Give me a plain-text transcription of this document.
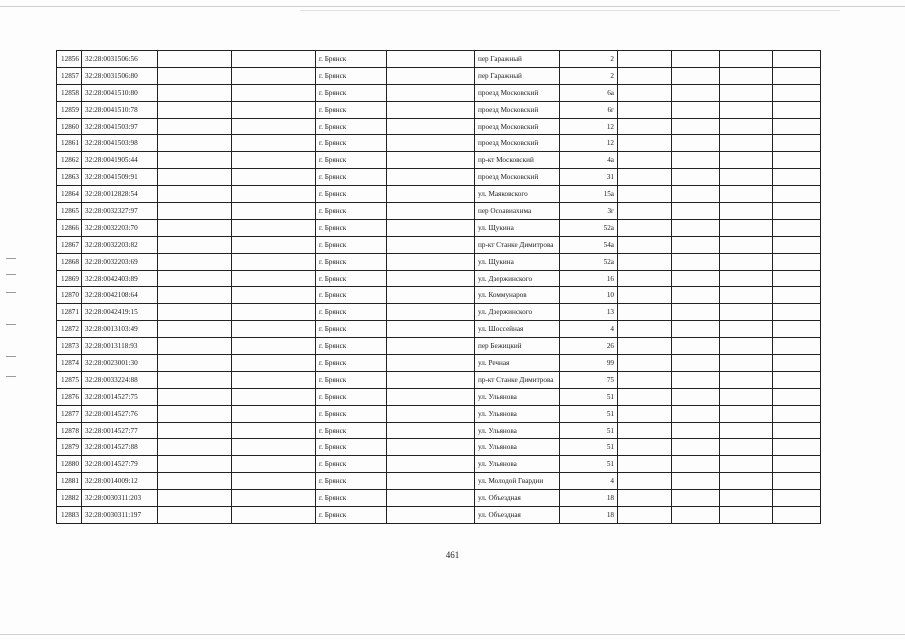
12856	32:28:0031506:56			г. Брянск		пер Гаражный	2				
12857	32:28:0031506:80			г. Брянск		пер Гаражный	2				
12858	32:28:0041510:80			г. Брянск		проезд Московский	6а				
12859	32:28:0041510:78			г. Брянск		проезд Московский	6г				
12860	32:28:0041503:97			г. Брянск		проезд Московский	12				
12861	32:28:0041503:98			г. Брянск		проезд Московский	12				
12862	32:28:0041905:44			г. Брянск		пр-кт Московский	4а				
12863	32:28:0041509:91			г. Брянск		проезд Московский	31				
12864	32:28:0012828:54			г. Брянск		ул. Маяковского	15а				
12865	32:28:0032327:97			г. Брянск		пер Осоавиахима	3г				
12866	32:28:0032203:70			г. Брянск		ул. Щукина	52а				
12867	32:28:0032203:82			г. Брянск		пр-кт Станке Димитрова	54а				
12868	32:28:0032203:69			г. Брянск		ул. Щукина	52а				
12869	32:28:0042403:89			г. Брянск		ул. Дзержинского	16				
12870	32:28:0042108:64			г. Брянск		ул. Коммунаров	10				
12871	32:28:0042419:15			г. Брянск		ул. Дзержинского	13				
12872	32:28:0013103:49			г. Брянск		ул. Шоссейная	4				
12873	32:28:0013118:93			г. Брянск		пер Бежицкий	26				
12874	32:28:0023001:30			г. Брянск		ул. Речная	99				
12875	32:28:0033224:88			г. Брянск		пр-кт Станке Димитрова	75				
12876	32:28:0014527:75			г. Брянск		ул. Ульянова	51				
12877	32:28:0014527:76			г. Брянск		ул. Ульянова	51				
12878	32:28:0014527:77			г. Брянск		ул. Ульянова	51				
12879	32:28:0014527:88			г. Брянск		ул. Ульянова	51				
12880	32:28:0014527:79			г. Брянск		ул. Ульянова	51				
12881	32:28:0014009:12			г. Брянск		ул. Молодой Гвардии	4				
12882	32:28:0030311:203			г. Брянск		ул. Объездная	18				
12883	32:28:0030311:197			г. Брянск		ул. Объездная	18				
461
